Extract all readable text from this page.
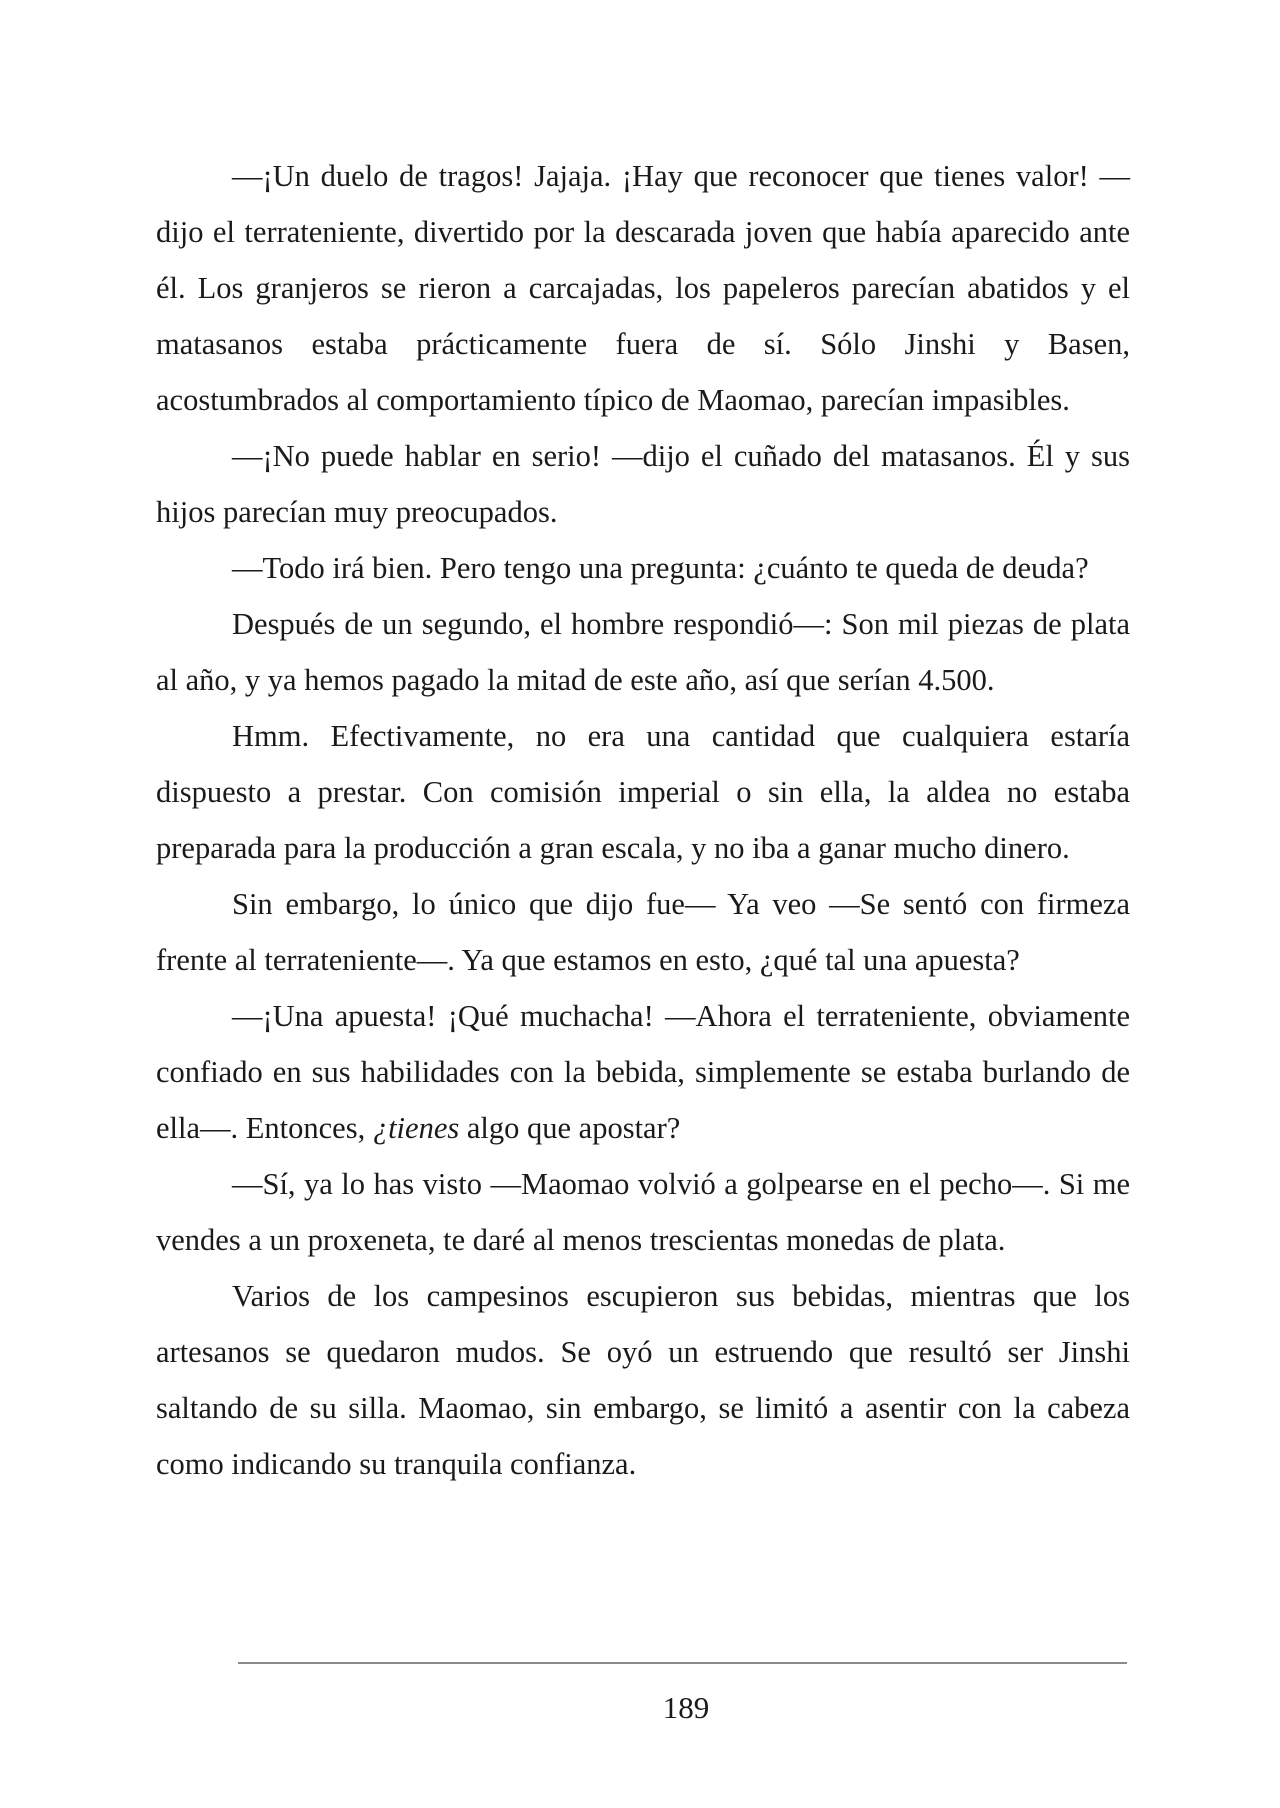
—¡Un duelo de tragos! Jajaja. ¡Hay que reconocer que tienes valor! —dijo el terrateniente, divertido por la descarada joven que había aparecido ante él. Los granjeros se rieron a carcajadas, los papeleros parecían abatidos y el matasanos estaba prácticamente fuera de sí. Sólo Jinshi y Basen, acostumbrados al comportamiento típico de Maomao, parecían impasibles.

—¡No puede hablar en serio! —dijo el cuñado del matasanos. Él y sus hijos parecían muy preocupados.

—Todo irá bien. Pero tengo una pregunta: ¿cuánto te queda de deuda?

Después de un segundo, el hombre respondió—: Son mil piezas de plata al año, y ya hemos pagado la mitad de este año, así que serían 4.500.

Hmm. Efectivamente, no era una cantidad que cualquiera estaría dispuesto a prestar. Con comisión imperial o sin ella, la aldea no estaba preparada para la producción a gran escala, y no iba a ganar mucho dinero.

Sin embargo, lo único que dijo fue— Ya veo —Se sentó con firmeza frente al terrateniente—. Ya que estamos en esto, ¿qué tal una apuesta?

—¡Una apuesta! ¡Qué muchacha! —Ahora el terrateniente, obviamente confiado en sus habilidades con la bebida, simplemente se estaba burlando de ella—. Entonces, ¿tienes algo que apostar?

—Sí, ya lo has visto —Maomao volvió a golpearse en el pecho—. Si me vendes a un proxeneta, te daré al menos trescientas monedas de plata.

Varios de los campesinos escupieron sus bebidas, mientras que los artesanos se quedaron mudos. Se oyó un estruendo que resultó ser Jinshi saltando de su silla. Maomao, sin embargo, se limitó a asentir con la cabeza como indicando su tranquila confianza.

189
